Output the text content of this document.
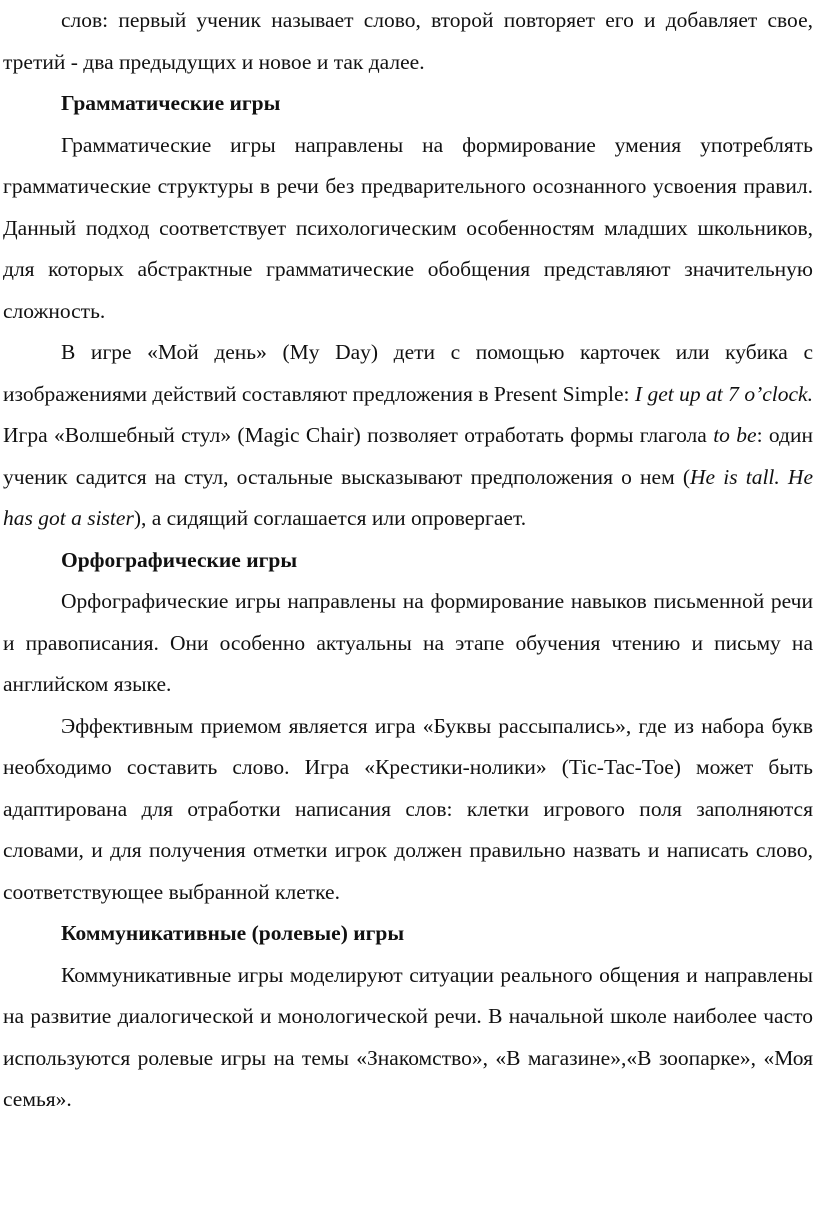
слов: первый ученик называет слово, второй повторяет его и добавляет свое, третий - два предыдущих и новое и так далее.

Грамматические игры

Грамматические игры направлены на формирование умения употреблять грамматические структуры в речи без предварительного осознанного усвоения правил. Данный подход соответствует психологическим особенностям младших школьников, для которых абстрактные грамматические обобщения представляют значительную сложность.

В игре «Мой день» (My Day) дети с помощью карточек или кубика с изображениями действий составляют предложения в Present Simple: I get up at 7 o’clock. Игра «Волшебный стул» (Magic Chair) позволяет отработать формы глагола to be: один ученик садится на стул, остальные высказывают предположения о нем (He is tall. He has got a sister), а сидящий соглашается или опровергает.

Орфографические игры

Орфографические игры направлены на формирование навыков письменной речи и правописания. Они особенно актуальны на этапе обучения чтению и письму на английском языке.

Эффективным приемом является игра «Буквы рассыпались», где из набора букв необходимо составить слово. Игра «Крестики-нолики» (Tic-Tac-Toe) может быть адаптирована для отработки написания слов: клетки игрового поля заполняются словами, и для получения отметки игрок должен правильно назвать и написать слово, соответствующее выбранной клетке.

Коммуникативные (ролевые) игры

Коммуникативные игры моделируют ситуации реального общения и направлены на развитие диалогической и монологической речи. В начальной школе наиболее часто используются ролевые игры на темы «Знакомство», «В магазине»,«В зоопарке», «Моя семья».
